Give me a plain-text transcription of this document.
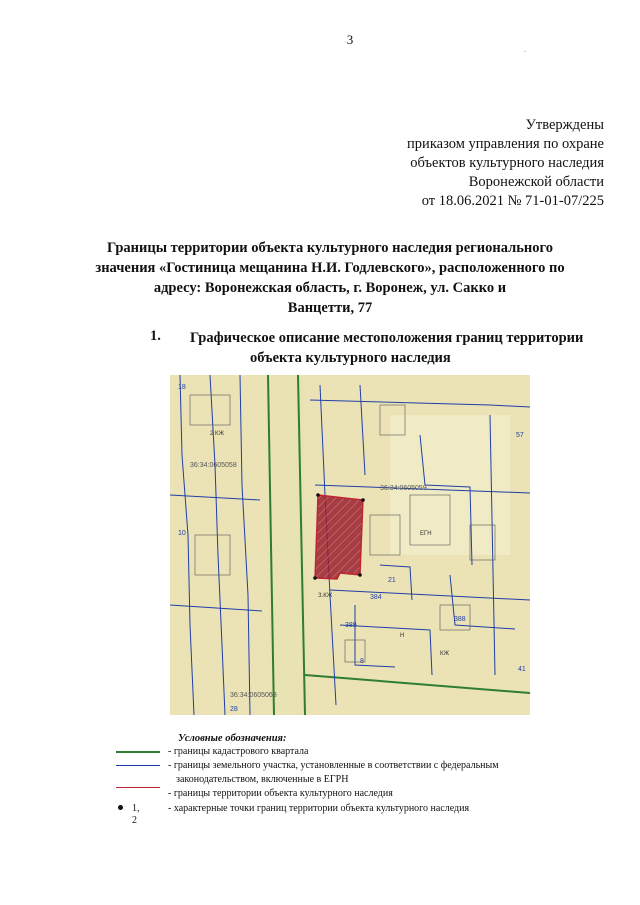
3
.
Утверждены
приказом управления по охране
объектов культурного наследия
Воронежской области
от 18.06.2021 № 71-01-07/225
Границы территории объекта культурного наследия регионального
значения «Гостиница мещанина Н.И. Годлевского», расположенного по
адресу: Воронежская область, г. Воронеж, ул. Сакко и
Ванцетти, 77
1. Графическое описание местоположения границ территории
объекта культурного наследия
18
10
57
21
384
389
388
41
28
8
36:34:0605059
36:34:0605063
36:34:0605058
ЕГН
КЖ
З.КЖ
2 КЖ
Н
Условные обозначения:
- границы кадастрового квартала
- границы земельного участка, установленные в соответствии с федеральным
законодательством, включенные в ЕГРН
- границы территории объекта культурного наследия
1, 2
- характерные точки границ территории объекта культурного наследия
